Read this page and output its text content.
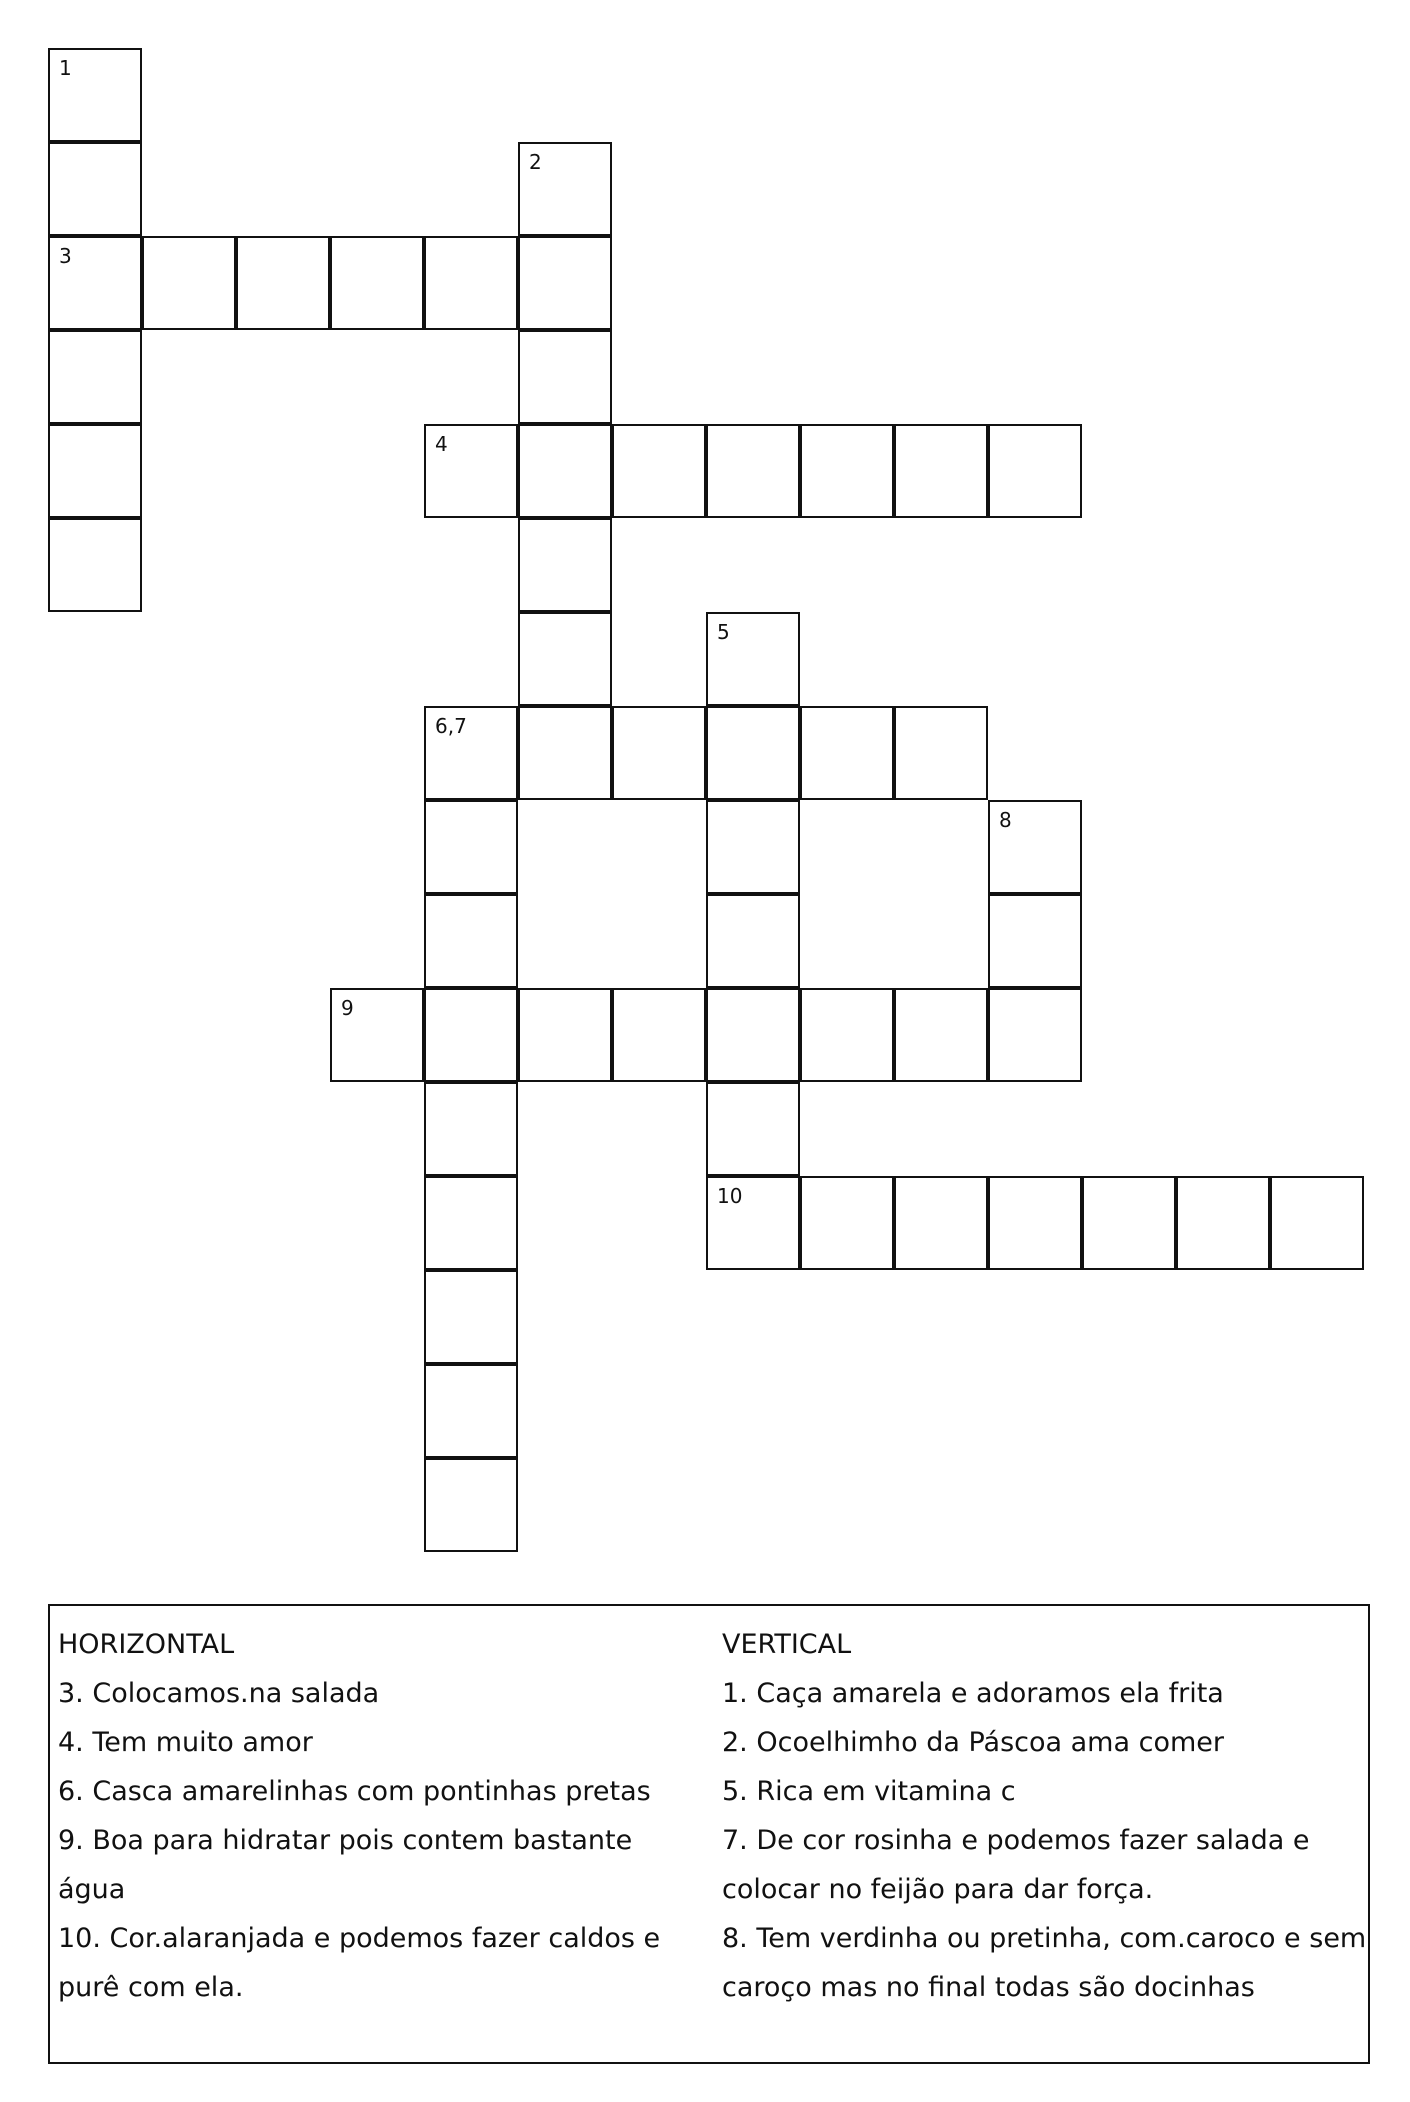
1
3
2
4
5
6,7
8
9
10
HORIZONTAL
3. Colocamos.na salada
4. Tem muito amor
6. Casca amarelinhas com pontinhas pretas
9. Boa para hidratar pois contem bastante
água
10. Cor.alaranjada e podemos fazer caldos e
purê com ela.
VERTICAL
1. Caça amarela e adoramos ela frita
2. Ocoelhimho da Páscoa ama comer
5. Rica em vitamina c
7. De cor rosinha e podemos fazer salada e
colocar no feijão para dar força.
8. Tem verdinha ou pretinha, com.caroco e sem
caroço mas no final todas são docinhas
